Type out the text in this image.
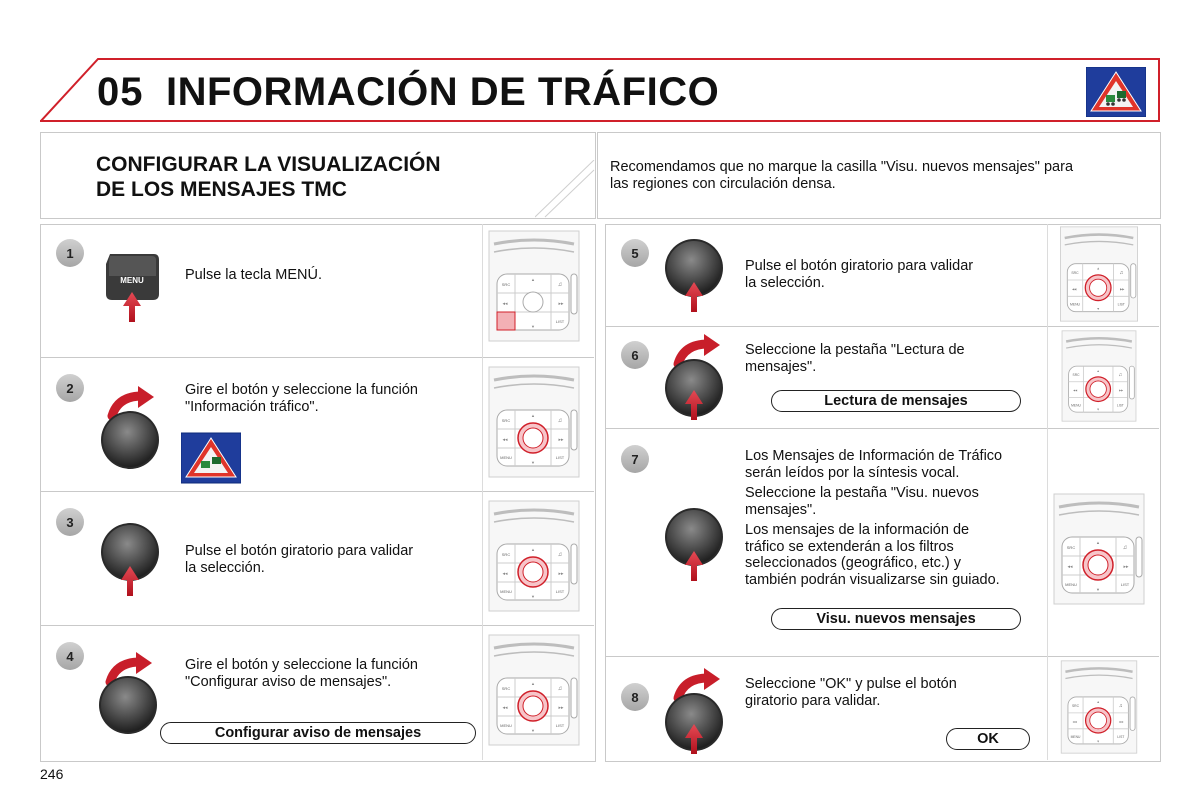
05 INFORMACIÓN DE TRÁFICO
CONFIGURAR LA VISUALIZACIÓN
DE LOS MENSAJES TMC
Recomendamos que no marque la casilla "Visu. nuevos mensajes" para
las regiones con circulación densa.
1
MENU	Pulse la tecla MENÚ.
2	Gire el botón y seleccione la función
"Información tráfico".
3
Pulse el botón giratorio para validar
la selección.
4
Gire el botón y seleccione la función
"Configurar aviso de mensajes".
Configurar aviso de mensajes
5
Pulse el botón giratorio para validar
la selección.
6	Seleccione la pestaña "Lectura de
mensajes".
Lectura de mensajes
7	Los Mensajes de Información de Tráfico
serán leídos por la síntesis vocal.
Seleccione la pestaña "Visu. nuevos
mensajes".
Los mensajes de la información de
tráfico se extenderán a los filtros
seleccionados (geográfico, etc.) y
también podrán visualizarse sin guiado.
Visu. nuevos mensajes
8
Seleccione "OK" y pulse el botón
giratorio para validar.
OK
246
